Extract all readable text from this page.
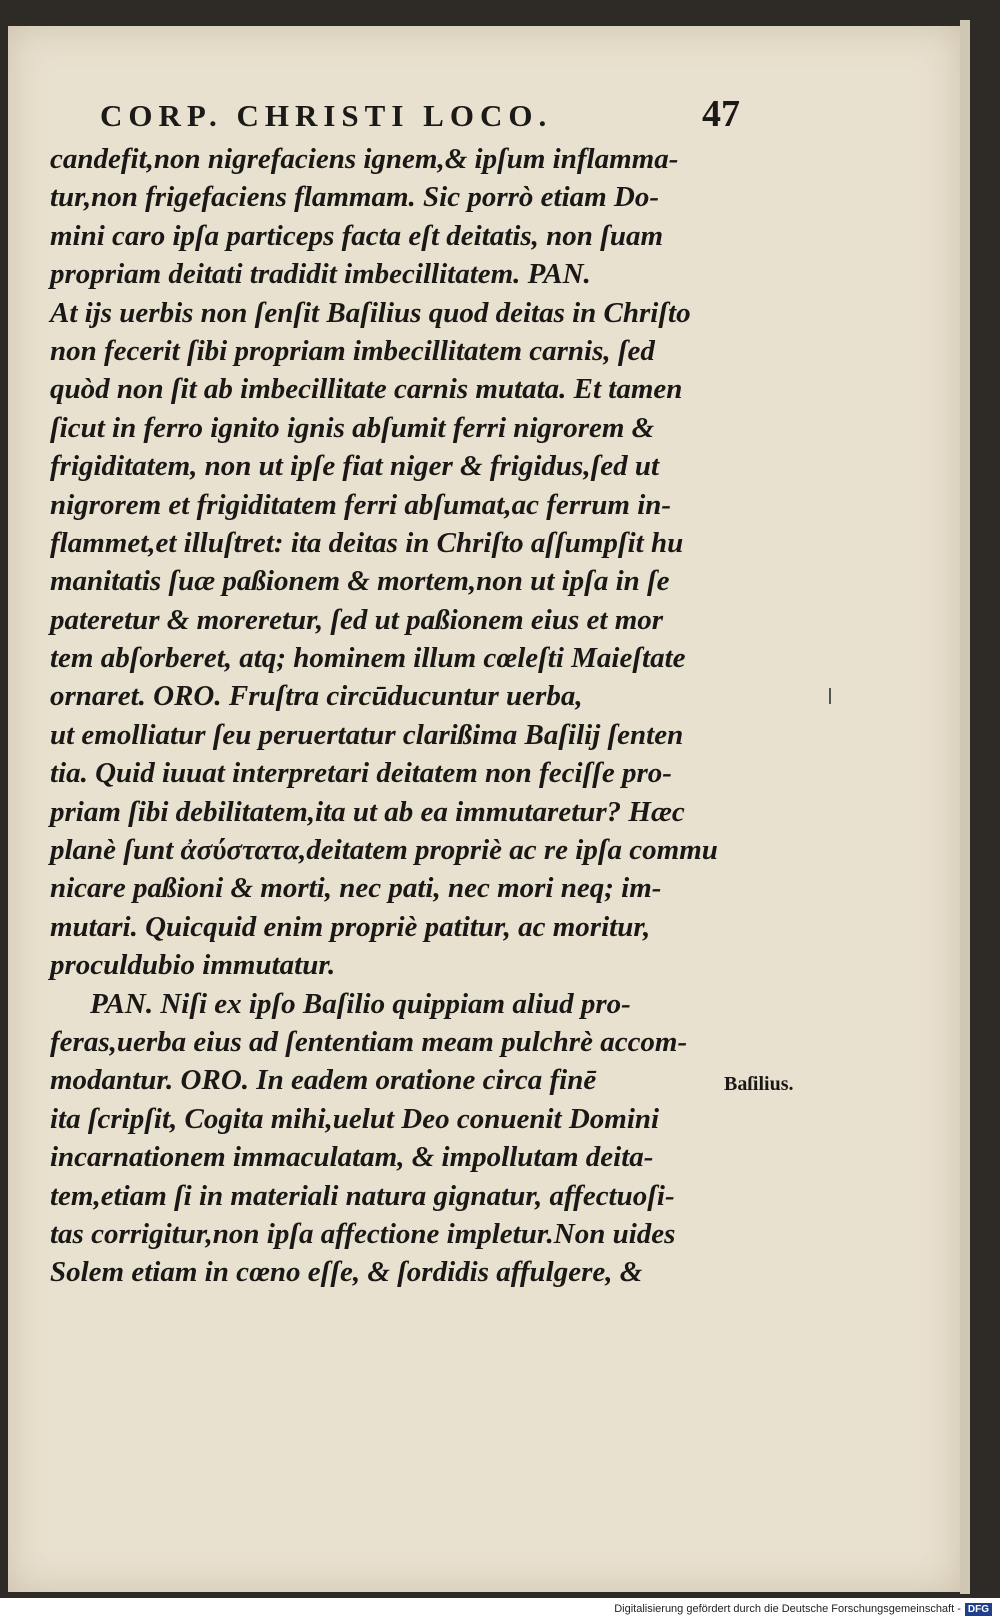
CORP. CHRISTI LOCO.	47
candefit,non nigrefaciens ignem,& ipſum inflamma-
tur,non frigefaciens flammam. Sic porrò etiam Do-
mini caro ipſa particeps facta eſt deitatis, non ſuam
propriam deitati tradidit imbecillitatem. PAN.
At ijs uerbis non ſenſit Baſilius quod deitas in Chriſto
non fecerit ſibi propriam imbecillitatem carnis, ſed
quòd non ſit ab imbecillitate carnis mutata. Et tamen
ſicut in ferro ignito ignis abſumit ferri nigrorem &
frigiditatem, non ut ipſe fiat niger & frigidus,ſed ut
nigrorem et frigiditatem ferri abſumat,ac ferrum in-
flammet,et illuſtret: ita deitas in Chriſto aſſumpſit hu
manitatis ſuæ paßionem & mortem,non ut ipſa in ſe
pateretur & moreretur, ſed ut paßionem eius et mor
tem abſorberet, atq; hominem illum cœleſti Maieſtate
ornaret. ORO. Fruſtra circūducuntur uerba,
ut emolliatur ſeu peruertatur clarißima Baſilij ſenten
tia. Quid iuuat interpretari deitatem non feciſſe pro-
priam ſibi debilitatem,ita ut ab ea immutaretur? Hæc
planè ſunt ἀσύστατα,deitatem propriè ac re ipſa commu
nicare paßioni & morti, nec pati, nec mori neq; im-
mutari. Quicquid enim propriè patitur, ac moritur,
proculdubio immutatur.
PAN. Niſi ex ipſo Baſilio quippiam aliud pro-
feras,uerba eius ad ſententiam meam pulchrè accom-
modantur. ORO. In eadem oratione circa finē
ita ſcripſit, Cogita mihi,uelut Deo conuenit Domini
incarnationem immaculatam, & impollutam deita-
tem,etiam ſi in materiali natura gignatur, affectuoſi-
tas corrigitur,non ipſa affectione impletur.Non uides
Solem etiam in cœno eſſe, & ſordidis affulgere, &
Baſilius.
Digitalisierung gefördert durch die Deutsche Forschungsgemeinschaft - DFG
